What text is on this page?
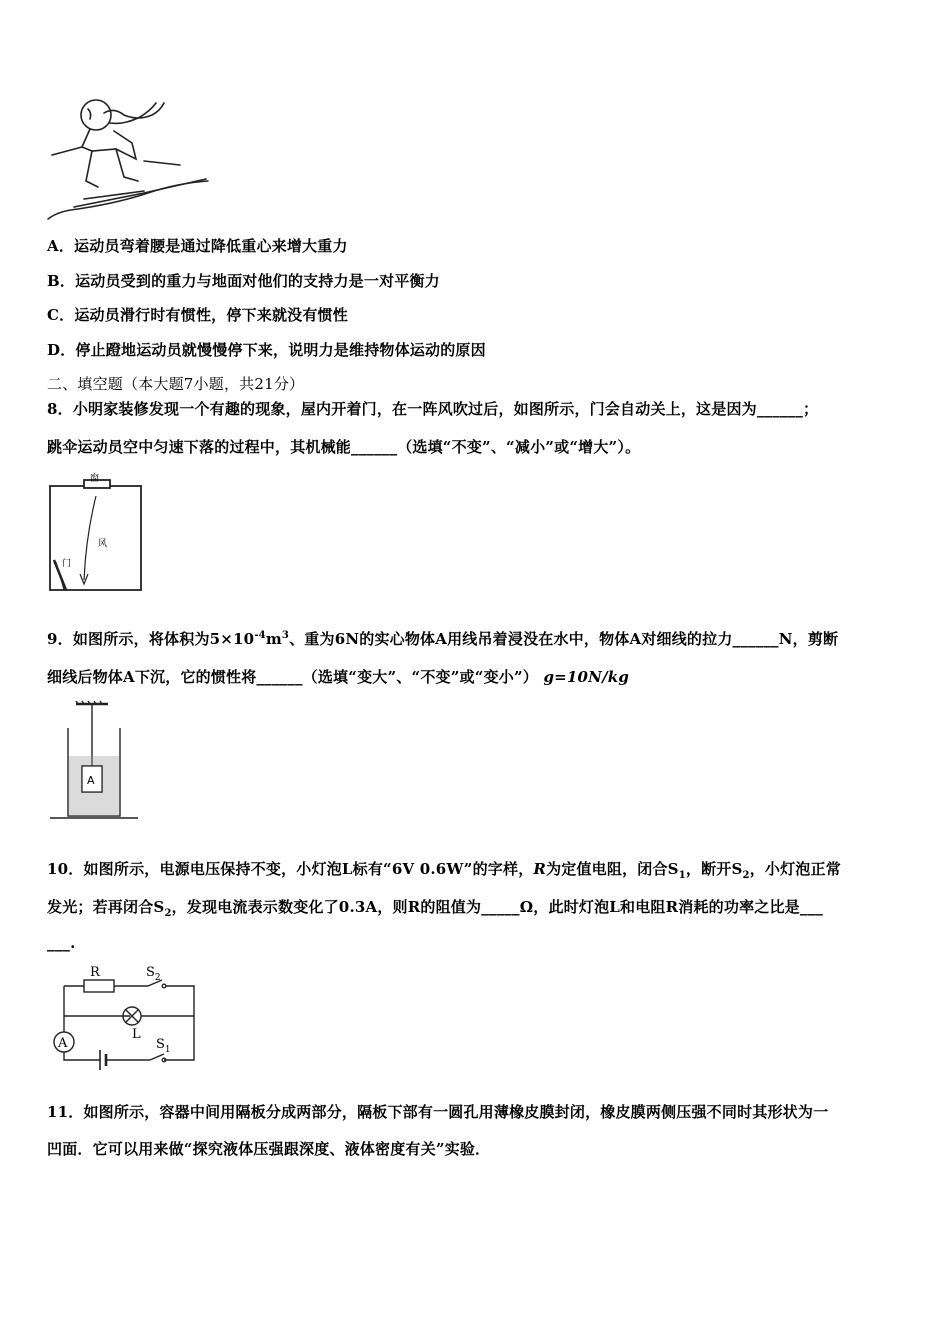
A．运动员弯着腰是通过降低重心来增大重力
B．运动员受到的重力与地面对他们的支持力是一对平衡力
C．运动员滑行时有惯性，停下来就没有惯性
D．停止蹬地运动员就慢慢停下来，说明力是维持物体运动的原因
二、填空题（本大题7小题，共21分）
8．小明家装修发现一个有趣的现象，屋内开着门，在一阵风吹过后，如图所示，门会自动关上，这是因为______；
跳伞运动员空中匀速下落的过程中，其机械能______（选填“不变”、“减小”或“增大”）。
窗
风
门
9．如图所示，将体积为$5\times 10^{-4}m^3$、重为6N的实心物体A用线吊着浸没在水中，物体A对细线的拉力______N，剪断
细线后物体A下沉，它的惯性将______（选填“变大”、“不变”或“变小”） g=10N/kg
A
10．如图所示，电源电压保持不变，小灯泡L标有“6V 0.6W”的字样，R为定值电阻，闭合$S_1$，断开$S_2$，小灯泡正常
发光；若再闭合$S_2$，发现电流表示数变化了0.3A，则R的阻值为_____Ω，此时灯泡L和电阻R消耗的功率之比是___
___.
R	$S_2$
L
A	$S_1$
11．如图所示，容器中间用隔板分成两部分，隔板下部有一圆孔用薄橡皮膜封闭，橡皮膜两侧压强不同时其形状为一
凹面．它可以用来做“探究液体压强跟深度、液体密度有关”实验．
